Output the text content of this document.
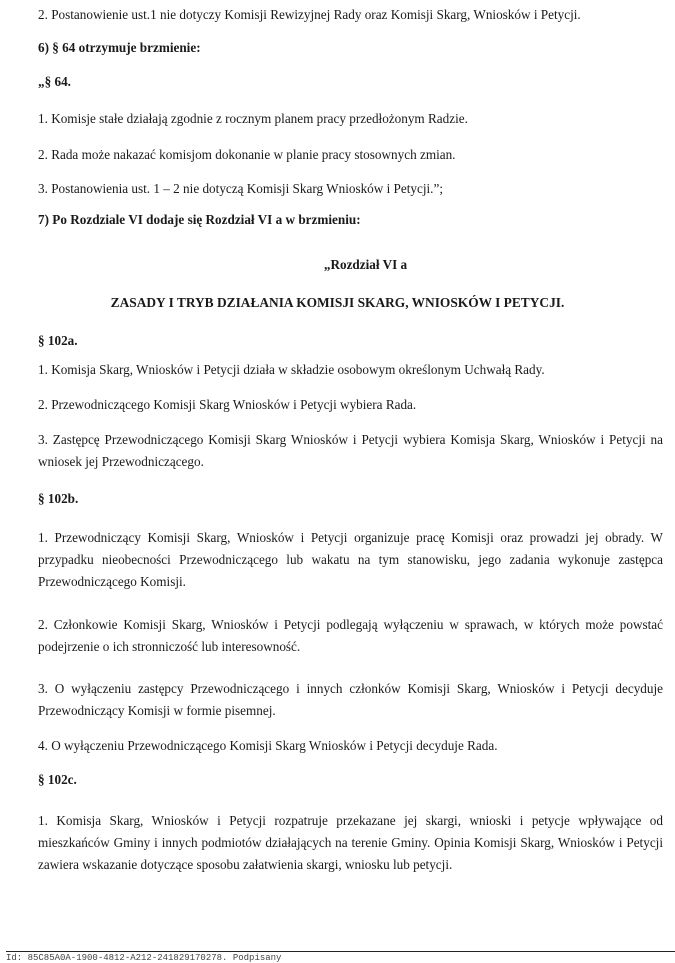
2. Postanowienie ust.1 nie dotyczy Komisji Rewizyjnej Rady oraz Komisji Skarg, Wniosków i Petycji.
6) § 64 otrzymuje brzmienie:
„§ 64.
1. Komisje stałe działają zgodnie z rocznym planem pracy przedłożonym Radzie.
2. Rada może nakazać komisjom dokonanie w planie pracy stosownych zmian.
3. Postanowienia ust. 1 – 2 nie dotyczą Komisji Skarg Wniosków i Petycji.”;
7) Po Rozdziale VI dodaje się Rozdział VI a w brzmieniu:
„Rozdział VI a
ZASADY I TRYB DZIAŁANIA KOMISJI SKARG, WNIOSKÓW I PETYCJI.
§ 102a.
1. Komisja Skarg, Wniosków i Petycji działa w składzie osobowym określonym Uchwałą Rady.
2. Przewodniczącego Komisji Skarg Wniosków i Petycji wybiera Rada.
3. Zastępcę Przewodniczącego Komisji Skarg Wniosków i Petycji wybiera Komisja Skarg, Wniosków i Petycji na wniosek jej Przewodniczącego.
§ 102b.
1. Przewodniczący Komisji Skarg, Wniosków i Petycji organizuje pracę Komisji oraz prowadzi jej obrady. W przypadku nieobecności Przewodniczącego lub wakatu na tym stanowisku, jego zadania wykonuje zastępca Przewodniczącego Komisji.
2. Członkowie Komisji Skarg, Wniosków i Petycji podlegają wyłączeniu w sprawach, w których może powstać podejrzenie o ich stronniczość lub interesowność.
3. O wyłączeniu zastępcy Przewodniczącego i innych członków Komisji Skarg, Wniosków i Petycji decyduje Przewodniczący Komisji w formie pisemnej.
4. O wyłączeniu Przewodniczącego Komisji Skarg Wniosków i Petycji decyduje Rada.
§ 102c.
1. Komisja Skarg, Wniosków i Petycji rozpatruje przekazane jej skargi, wnioski i petycje wpływające od mieszkańców Gminy i innych podmiotów działających na terenie Gminy. Opinia Komisji Skarg, Wniosków i Petycji zawiera wskazanie dotyczące sposobu załatwienia skargi, wniosku lub petycji.
Id: 85C85A0A-1900-4812-A212-241829170278. Podpisany
